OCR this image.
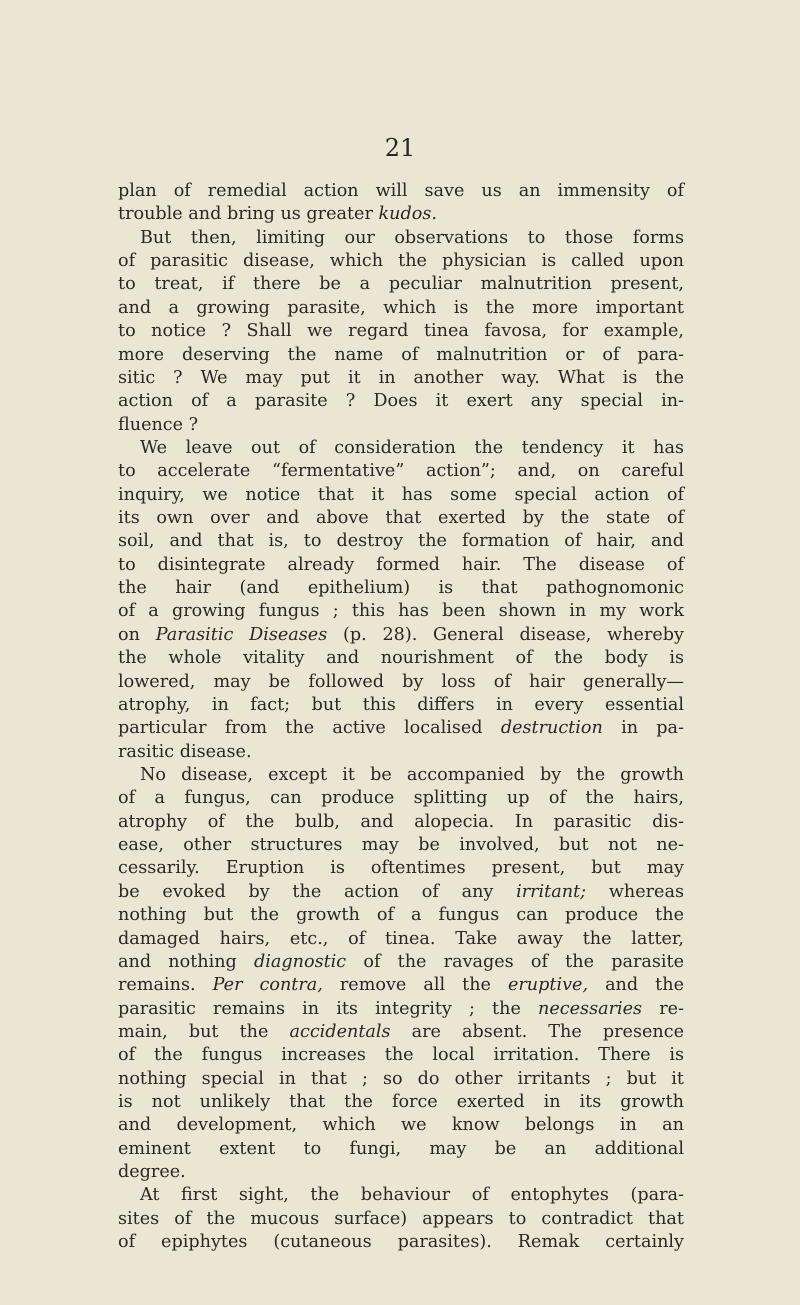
21
plan of remedial action will save us an immensity of
trouble and bring us greater kudos.
But then, limiting our observations to those forms
of parasitic disease, which the physician is called upon
to treat, if there be a peculiar malnutrition present,
and a growing parasite, which is the more important
to notice ? Shall we regard tinea favosa, for example,
more deserving the name of malnutrition or of para-
sitic ? We may put it in another way. What is the
action of a parasite ? Does it exert any special in-
fluence ?
We leave out of consideration the tendency it has
to accelerate “fermentative” action”; and, on careful
inquiry, we notice that it has some special action of
its own over and above that exerted by the state of
soil, and that is, to destroy the formation of hair, and
to disintegrate already formed hair. The disease of
the hair (and epithelium) is that pathognomonic
of a growing fungus ; this has been shown in my work
on Parasitic Diseases (p. 28). General disease, whereby
the whole vitality and nourishment of the body is
lowered, may be followed by loss of hair generally—
atrophy, in fact; but this differs in every essential
particular from the active localised destruction in pa-
rasitic disease.
No disease, except it be accompanied by the growth
of a fungus, can produce splitting up of the hairs,
atrophy of the bulb, and alopecia. In parasitic dis-
ease, other structures may be involved, but not ne-
cessarily. Eruption is oftentimes present, but may
be evoked by the action of any irritant; whereas
nothing but the growth of a fungus can produce the
damaged hairs, etc., of tinea. Take away the latter,
and nothing diagnostic of the ravages of the parasite
remains. Per contra, remove all the eruptive, and the
parasitic remains in its integrity ; the necessaries re-
main, but the accidentals are absent. The presence
of the fungus increases the local irritation. There is
nothing special in that ; so do other irritants ; but it
is not unlikely that the force exerted in its growth
and development, which we know belongs in an
eminent extent to fungi, may be an additional
degree.
At first sight, the behaviour of entophytes (para-
sites of the mucous surface) appears to contradict that
of epiphytes (cutaneous parasites). Remak certainly
